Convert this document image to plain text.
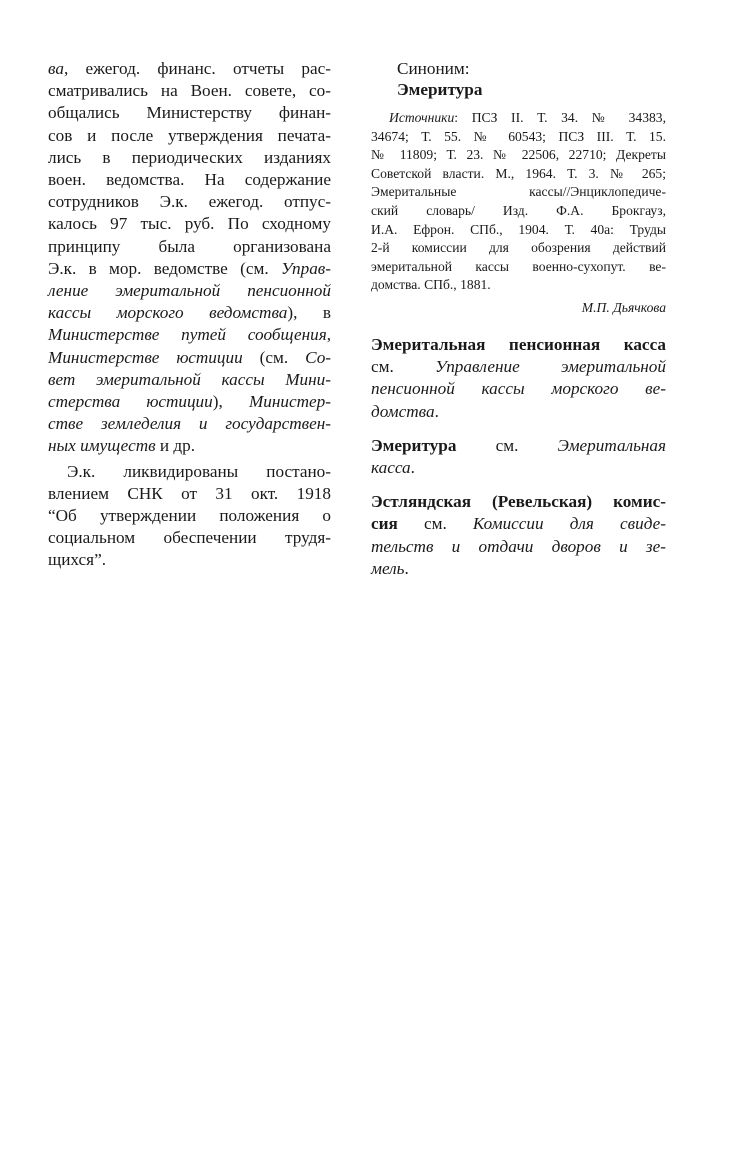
ва, ежегод. финанс. отчеты рас-
сматривались на Воен. совете, со-
общались Министерству финан-
сов и после утверждения печата-
лись в периодических изданиях
воен. ведомства. На содержание
сотрудников Э.к. ежегод. отпус-
калось 97 тыс. руб. По сходному
принципу была организована
Э.к. в мор. ведомстве (см. Управ-
ление эмеритальной пенсионной
кассы морского ведомства), в
Министерстве путей сообщения,
Министерстве юстиции (см. Со-
вет эмеритальной кассы Мини-
стерства юстиции), Министер-
стве земледелия и государствен-
ных имуществ и др.
Э.к. ликвидированы постано-
влением СНК от 31 окт. 1918
“Об утверждении положения о
социальном обеспечении трудя-
щихся”.
Синоним:
Эмеритура
Источники: ПСЗ II. Т. 34. № 34383,
34674; Т. 55. № 60543; ПСЗ III. Т. 15.
№ 11809; Т. 23. № 22506, 22710; Декреты
Советской власти. М., 1964. Т. 3. № 265;
Эмеритальные кассы//Энциклопедиче-
ский словарь/ Изд. Ф.А. Брокгауз,
И.А. Ефрон. СПб., 1904. Т. 40а: Труды
2-й комиссии для обозрения действий
эмеритальной кассы военно-сухопут. ве-
домства. СПб., 1881.
М.П. Дьячкова
Эмеритальная пенсионная касса
см. Управление эмеритальной
пенсионной кассы морского ве-
домства.
Эмеритура см. Эмеритальная
касса.
Эстляндская (Ревельская) комис-
сия см. Комиссии для свиде-
тельств и отдачи дворов и зе-
мель.
